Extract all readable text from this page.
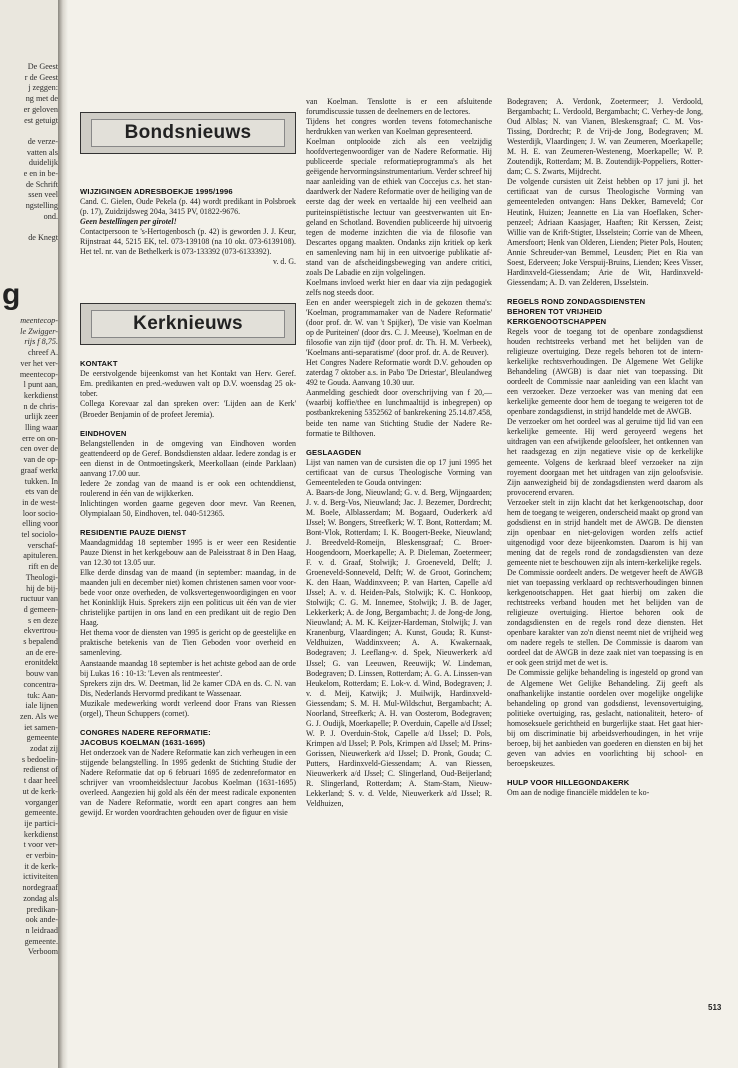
De Geest
r de Geest
j zeggen:
ng met de
er geloven
est getuigt
de verze-
vatten als
duidelijk
e en in be-
de Schrift
ssen veel
ngstelling
ond.
de Knegt
g
meentecop-
le Zwigger-
rijs f 8,75.
chreef A.
ver het ver-
meentecop-
l punt aan,
kerkdienst
n de chris-
urlijk zeer
lling waar
erre on on-
cen over de
van de op-
graaf werkt
tukken. In
ets van de
in de west-
loor socio-
elling voor
tel sociolo-
verschaf-
apituleren.
rift en de
Theologi-
hij de bij-
ructuur van
d gemeen-
s en deze
ekvertrou-
s bepalend
an de ere-
eronitdekt
bouw van
concentra-
tuk: Aan-
iale lijnen
zen. Als we
iet samen-
gemeente
zodat zij
s bedoelin-
redienst of
t daar heel
ut de kerk-
vorganger
gemeente.
ije partici-
kerkdienst
t voor ver-
er verbin-
it de kerk-
ictiviteiten
nordegraaf
zondag als
predikan-
ook ande-
n leidraad
gemeente.
Verboom
Bondsnieuws
WIJZIGINGEN ADRESBOEKJE 1995/1996

Cand. C. Gielen, Oude Pekela (p. 44) wordt predikant in Polsbroek (p. 17), Zuidzijdsweg 204a, 3415 PV, 01822-9676.

Geen bestellingen per girotel!

Contactpersoon te 's-Hertogenbosch (p. 42) is geworden J. J. Keur, Rijnstraat 44, 5215 EK, tel. 073-139108 (na 10 okt. 073-6139108). Het tel. nr. van de Bethelkerk is 073-133392 (073-6133392).

v. d. G.

Kerknieuws
KONTAKT

De eerstvolgende bijeenkomst van het Kontakt van Herv. Geref. Em. predikanten en pred.-weduwen valt op D.V. woensdag 25 oktober.

Collega Korevaar zal dan spreken over: 'Lijden aan de Kerk' (Broeder Benjamin of de profeet Jeremia).

EINDHOVEN

Belangstellenden in de omgeving van Eindhoven worden geattendeerd op de Geref. Bondsdiensten aldaar. Iedere zondag is er een dienst in de Ontmoetingskerk, Meerkollaan (einde Parklaan) aanvang 17.00 uur.

Iedere 2e zondag van de maand is er ook een ochtenddienst, roulerend in één van de wijkkerken.

Inlichtingen worden gaarne gegeven door mevr. Van Reenen, Olympialaan 50, Eindhoven, tel. 040-512365.

RESIDENTIE PAUZE DIENST

Maandagmiddag 18 september 1995 is er weer een Residentie Pauze Dienst in het kerkgebouw aan de Paleisstraat 8 in Den Haag, van 12.30 tot 13.05 uur.

Elke derde dinsdag van de maand (in september: maandag, in de maanden juli en december niet) komen christenen samen voor voorbede voor onze overheden, de volksvertegenwoordigingen en voor het Koninklijk Huis. Sprekers zijn een politicus uit één van de vier christelijke partijen in ons land en een predikant uit de regio Den Haag.

Het thema voor de diensten van 1995 is gericht op de geestelijke en praktische betekenis van de Tien Geboden voor overheid en samenleving.

Aanstaande maandag 18 september is het achtste gebod aan de orde bij Lukas 16 : 10-13: 'Leven als rentmeester'.

Sprekers zijn drs. W. Deetman, lid 2e kamer CDA en ds. C. N. van Dis, Nederlands Hervormd predikant te Wassenaar.

Muzikale medewerking wordt verleend door Frans van Riessen (orgel), Theun Schuppers (cornet).

CONGRES NADERE REFORMATIE:
JACOBUS KOELMAN (1631-1695)

Het onderzoek van de Nadere Reformatie kan zich verheugen in een stijgende belangstelling. In 1995 gedenkt de Stichting Studie der Nadere Reformatie dat op 6 februari 1695 de zedenreformator en schrijver van vroomheidslectuur Jacobus Koelman (1631-1695) overleed. Aangezien hij gold als één der meest radicale exponenten van de Nadere Reformatie, wordt een apart congres aan hem gewijd. Er worden voordrachten gehouden over de figuur en visie

van Koelman. Tenslotte is er een afsluitende forumdiscussie tussen de deelnemers en de lectores.

Tijdens het congres worden tevens fotomechanische herdrukken van werken van Koelman gepresenteerd.

Koelman ontplooide zich als een veelzijdig hoofdvertegenwoordiger van de Nadere Reformatie. Hij publiceerde speciale reformatieprogramma's als het geëigende hervormingsinstrumentarium. Verder schreef hij naar aanleiding van de ethiek van Coccejus c.s. het standaardwerk der Nadere Reformatie over de heiliging van de eerste dag der week en vertaalde hij een veelheid aan puriteinspiëtistische lectuur van geestverwanten uit Engeland en Schotland. Bovendien publiceerde hij uitvoerig tegen de moderne inzichten die via de filosofie van Descartes opgang maakten. Ondanks zijn kritiek op kerk en samenleving nam hij in een uitvoerige publikatie afstand van de afscheidingsbeweging van andere critici, zoals De Labadie en zijn volgelingen.

Koelmans invloed werkt hier en daar via zijn pedagogiek zelfs nog steeds door.

Een en ander weerspiegelt zich in de gekozen thema's: 'Koelman, programmamaker van de Nadere Reformatie' (door prof. dr. W. van 't Spijker), 'De visie van Koelman op de Puriteinen' (door drs. C. J. Meeuse), 'Koelman en de filosofie van zijn tijd' (door prof. dr. Th. H. M. Verbeek), 'Koelmans anti-separatisme' (door prof. dr. A. de Reuver).

Het Congres Nadere Reformatie wordt D.V. gehouden op zaterdag 7 oktober a.s. in Pabo 'De Driestar', Bleulandweg 492 te Gouda. Aanvang 10.30 uur.

Aanmelding geschiedt door overschrijving van f 20,— (waarbij koffie/thee en lunchmaaltijd is inbegrepen) op postbankrekening 5352562 of bankrekening 25.14.87.458, beide ten name van Stichting Studie der Nadere Reformatie te Bilthoven.

GESLAAGDEN

Lijst van namen van de cursisten die op 17 juni 1995 het certificaat van de cursus Theologische Vorming van Gemeenteleden te Gouda ontvingen:

A. Baars-de Jong, Nieuwland; G. v. d. Berg, Wijngaarden; J. v. d. Berg-Vos, Nieuwland; Jac. J. Bezemer, Dordrecht; M. Boele, Alblasserdam; M. Bogaard, Ouderkerk a/d IJssel; W. Bongers, Streefkerk; W. T. Bont, Rotterdam; M. Bont-Vlok, Rotterdam; I. K. Boogert-Beeke, Nieuwland; J. Breedveld-Romeijn, Bleskensgraaf; C. Broer-Hoogendoorn, Moerkapelle; A. P. Dieleman, Zoetermeer; F. v. d. Graaf, Stolwijk; J. Groeneveld, Delft; J. Groeneveld-Sonneveld, Delft; W. de Groot, Gorinchem; K. den Haan, Waddinxveen; P. van Harten, Capelle a/d IJssel; A. v. d. Heiden-Pals, Stolwijk; K. C. Honkoop, Stolwijk; C. G. M. Innemee, Stolwijk; J. B. de Jager, Lekkerkerk; A. de Jong, Bergambacht; J. de Jong-de Jong, Nieuwland; A. M. K. Keijzer-Hardeman, Stolwijk; J. van Kranenburg, Vlaardingen; A. Kunst, Gouda; R. Kunst-Veldhuizen, Waddinxveen; A. A. Kwakernaak, Bodegraven; J. Leeflang-v. d. Spek, Nieuwerkerk a/d IJssel; G. van Leeuwen, Reeuwijk; W. Lindeman, Bodegraven; D. Linssen, Rotterdam; A. G. A. Linssen-van Heukelom, Rotterdam; E. Lok-v. d. Wind, Bodegraven; J. v. d. Meij, Katwijk; J. Muilwijk, Hardinxveld-Giessendam; S. M. H. Mul-Wildschut, Bergambacht; A. Noorland, Streefkerk; A. H. van Oosterom, Bodegraven; G. J. Oudijk, Moerkapelle; P. Overduin, Capelle a/d IJssel; W. P. J. Overduin-Stok, Capelle a/d IJssel; D. Pols, Krimpen a/d IJssel; P. Pols, Krimpen a/d IJssel; M. Prins-Gorissen, Nieuwerkerk a/d IJssel; D. Pronk, Gouda; C. Putters, Hardinxveld-Giessendam; A. van Riessen, Nieuwerkerk a/d IJssel; C. Slingerland, Oud-Beijerland; R. Slingerland, Rotterdam; A. Stam-Stam, Nieuw-Lekkerland; S. v. d. Velde, Nieuwerkerk a/d IJssel; R. Veldhuizen,

Bodegraven; A. Verdonk, Zoetermeer; J. Verdoold, Bergambacht; L. Verdoold, Bergambacht; C. Verhey-de Jong, Oud Alblas; N. van Vianen, Bleskensgraaf; C. M. Vos-Tissing, Dordrecht; P. de Vrij-de Jong, Bodegraven; M. Westerdijk, Vlaardingen; J. W. van Zeumeren, Moerkapelle; M. H. E. van Zeumeren-Westeneng, Moerkapelle; W. P. Zoutendijk, Rotterdam; M. B. Zoutendijk-Poppeliers, Rotterdam; C. S. Zwarts, Mijdrecht.

De volgende cursisten uit Zeist hebben op 17 juni jl. het certificaat van de cursus Theologische Vorming van gemeenteleden ontvangen: Hans Dekker, Barneveld; Cor Heutink, Huizen; Jeannette en Lia van Hoeflaken, Scherpenzeel; Adriaan Kaasjager, Haaften; Rit Kerssen, Zeist; Willie van de Krift-Stigter, IJsselstein; Corrie van de Mheen, Amersfoort; Henk van Olderen, Lienden; Pieter Pols, Houten; Annie Schreuder-van Bemmel, Leusden; Piet en Ria van Soest, Ederveen; Joke Verspuij-Bruins, Lienden; Kees Visser, Hardinxveld-Giessendam; Arie de Wit, Hardinxveld-Giessendam; A. D. van Zelderen, IJsselstein.

REGELS ROND ZONDAGSDIENSTEN
BEHOREN TOT VRIJHEID
KERKGENOOTSCHAPPEN

Regels voor de toegang tot de openbare zondagsdienst houden rechtstreeks verband met het belijden van de religieuze overtuiging. Deze regels behoren tot de intern-kerkelijke rechtsverhoudingen. De Algemene Wet Gelijke Behandeling (AWGB) is daar niet van toepassing. Dit oordeelt de Commissie naar aanleiding van een klacht van een verzoeker. Deze verzoeker was van mening dat een kerkelijke gemeente door hem de toegang te weigeren tot de openbare zondagsdienst, in strijd handelde met de AWGB.

De verzoeker om het oordeel was al geruime tijd lid van een kerkelijke gemeente. Hij werd geroyeerd wegens het uitdragen van een afwijkende geloofsleer, het ontkennen van het raadsgezag en zijn negatieve visie op de kerkelijke gemeente. Volgens de kerkraad bleef verzoeker na zijn royement doorgaan met het uitdragen van zijn geloofsvisie. Zijn aanwezigheid bij de zondagsdiensten werd daarom als provocerend ervaren.

Verzoeker stelt in zijn klacht dat het kerkgenootschap, door hem de toegang te weigeren, onderscheid maakt op grond van godsdienst en in strijd handelt met de AWGB. De diensten zijn openbaar en niet-gelovigen worden zelfs actief uitgenodigd voor deze bijeenkomsten. Daarom is hij van mening dat de regels rond de zondagsdiensten van deze gemeente niet te beschouwen zijn als intern-kerkelijke regels.

De Commissie oordeelt anders. De wetgever heeft de AWGB niet van toepassing verklaard op rechtsverhoudingen binnen kerkgenootschappen. Het gaat hierbij om zaken die rechtstreeks verband houden met het belijden van de religieuze overtuiging. Hiertoe behoren ook de zondagsdiensten en de regels rond deze diensten. Het openbare karakter van zo'n dienst neemt niet de vrijheid weg om nadere regels te stellen. De Commissie is daarom van oordeel dat de AWGB in deze zaak niet van toepassing is en er ook geen strijd met de wet is.

De Commissie gelijke behandeling is ingesteld op grond van de Algemene Wet Gelijke Behandeling. Zij geeft als onafhankelijke instantie oordelen over mogelijke ongelijke behandeling op grond van godsdienst, levensovertuiging, politieke overtuiging, ras, geslacht, nationaliteit, hetero- of homoseksuele gerichtheid en burgerlijke staat. Het gaat hierbij om discriminatie bij arbeidsverhoudingen, in het vrije beroep, bij het aanbieden van goederen en diensten en bij het geven van advies en voorlichting bij school- en beroepskeuzes.

HULP VOOR HILLEGONDAKERK

Om aan de nodige financiële middelen te ko-

513
